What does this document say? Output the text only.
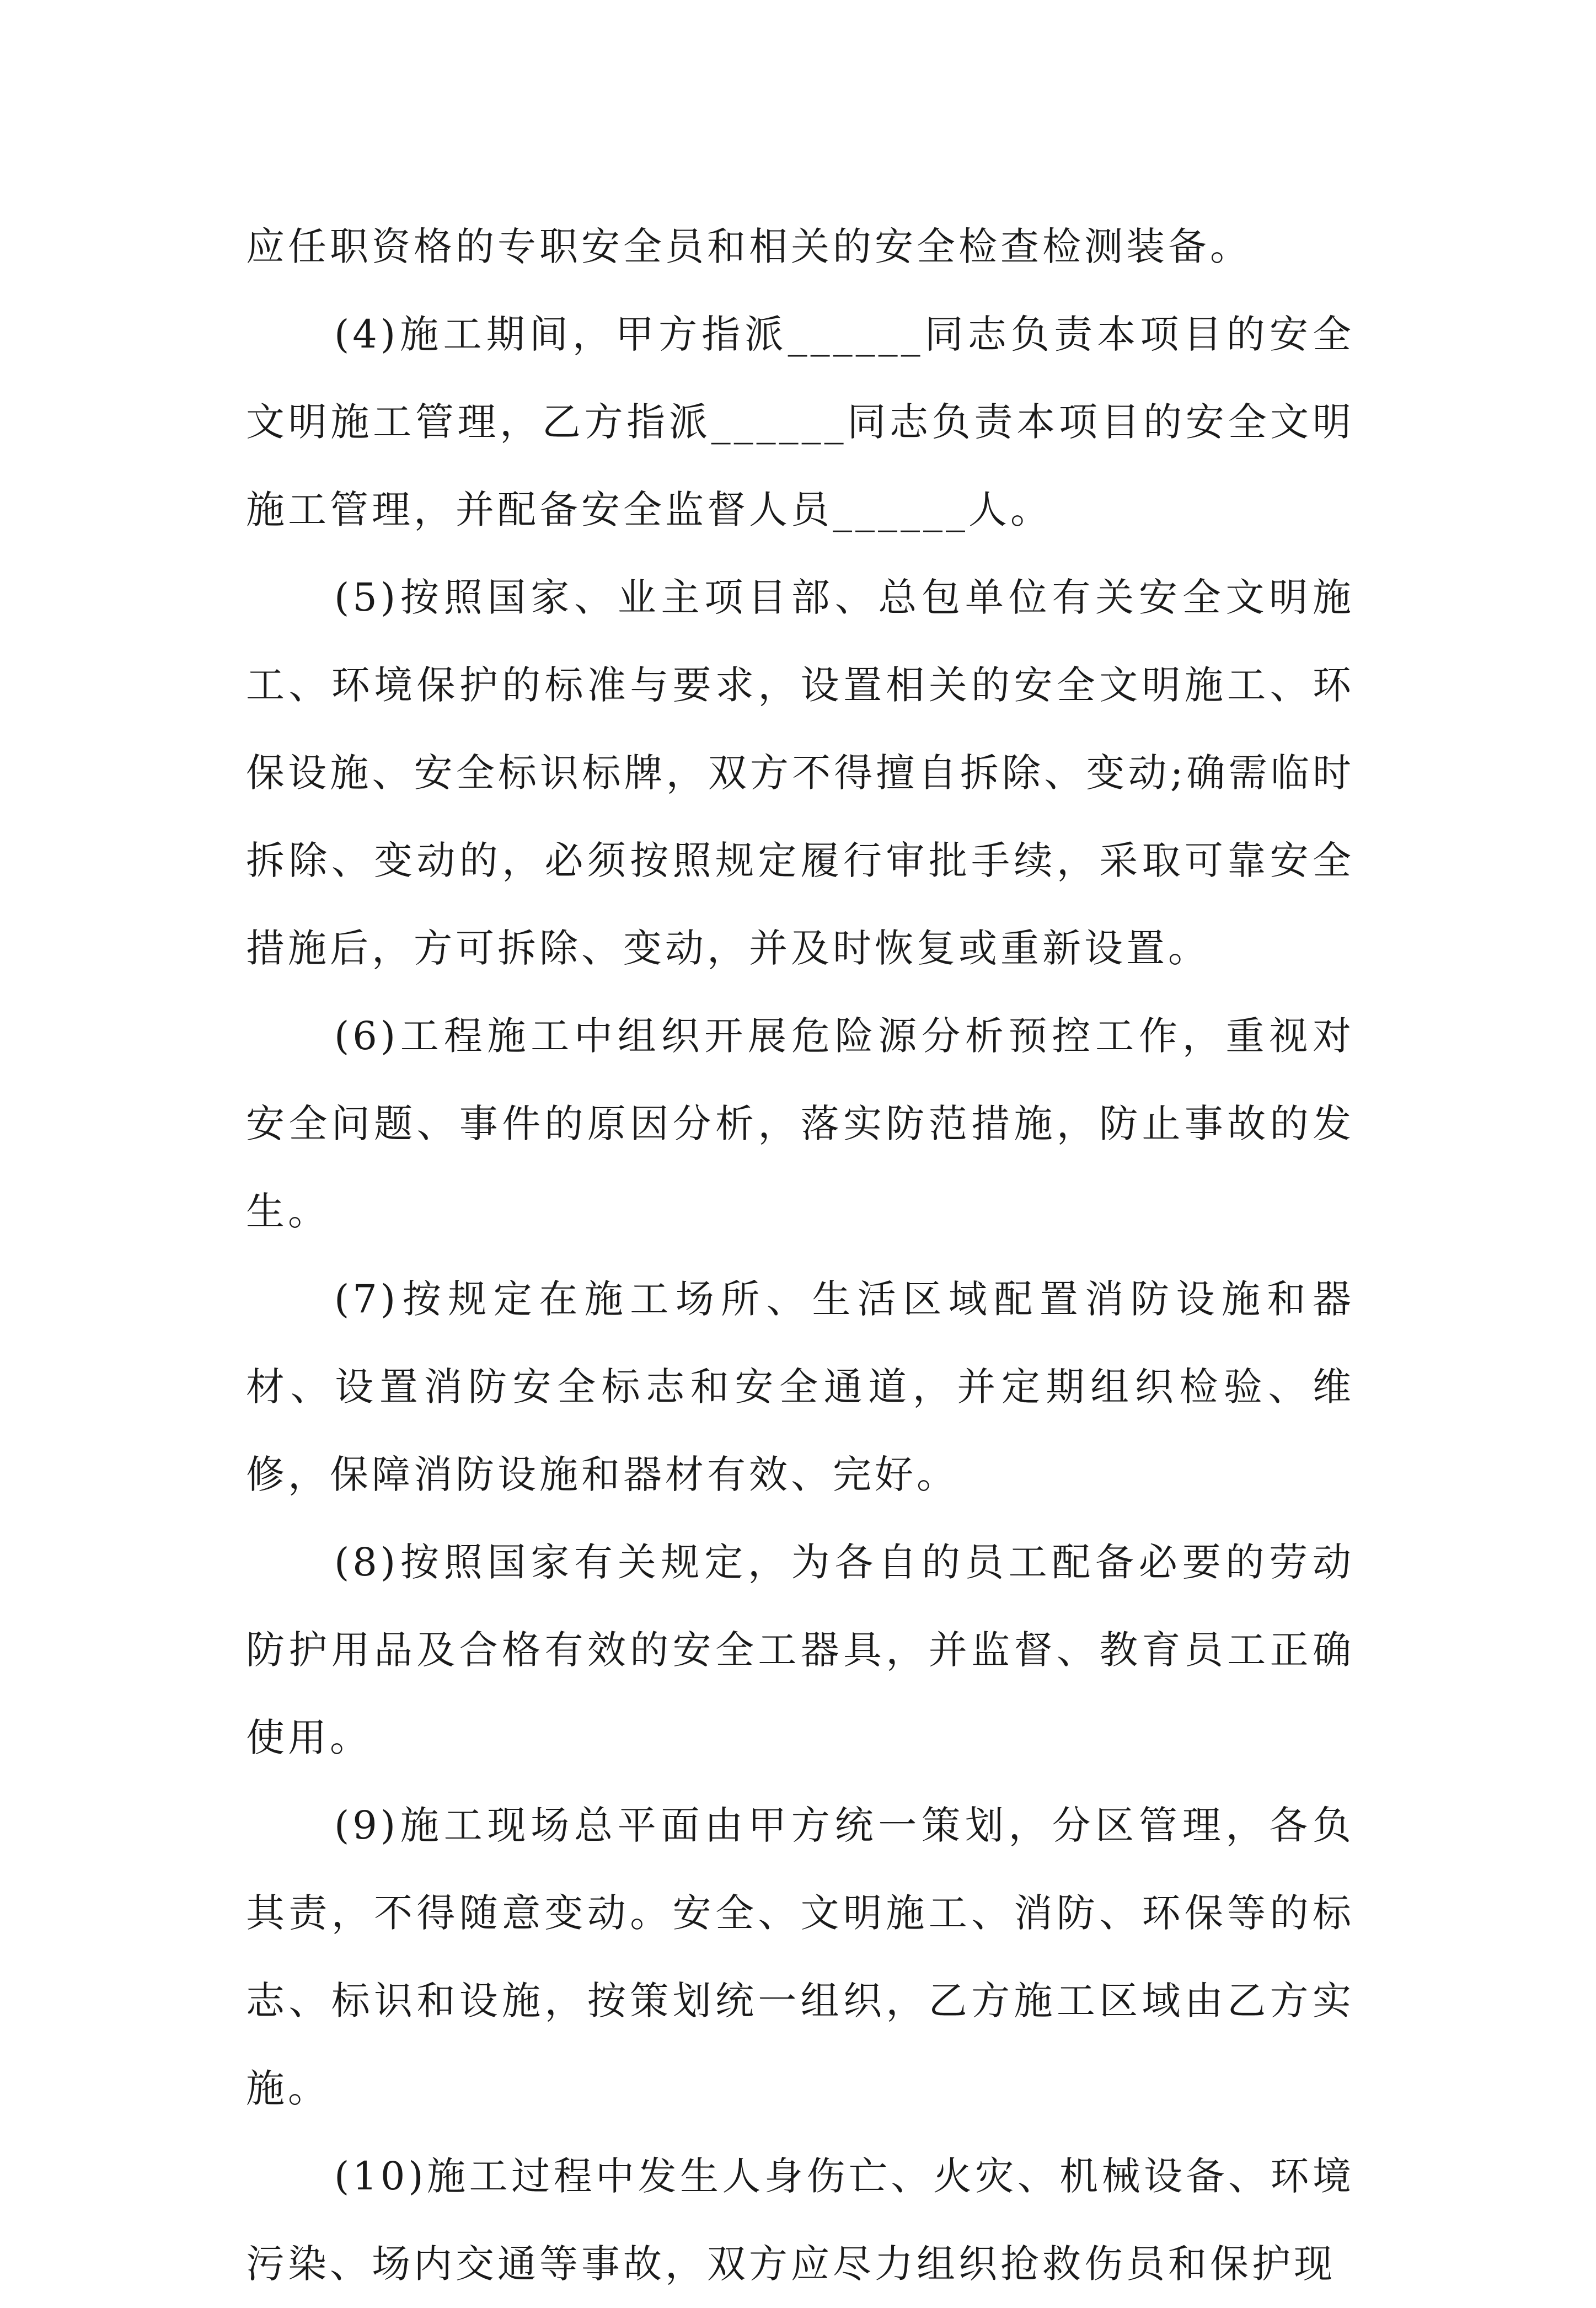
应任职资格的专职安全员和相关的安全检查检测装备。

(4)施工期间，甲方指派______同志负责本项目的安全文明施工管理，乙方指派______同志负责本项目的安全文明施工管理，并配备安全监督人员______人。

(5)按照国家、业主项目部、总包单位有关安全文明施工、环境保护的标准与要求，设置相关的安全文明施工、环保设施、安全标识标牌，双方不得擅自拆除、变动;确需临时拆除、变动的，必须按照规定履行审批手续，采取可靠安全措施后，方可拆除、变动，并及时恢复或重新设置。

(6)工程施工中组织开展危险源分析预控工作，重视对安全问题、事件的原因分析，落实防范措施，防止事故的发生。

(7)按规定在施工场所、生活区域配置消防设施和器材、设置消防安全标志和安全通道，并定期组织检验、维修，保障消防设施和器材有效、完好。

(8)按照国家有关规定，为各自的员工配备必要的劳动防护用品及合格有效的安全工器具，并监督、教育员工正确使用。

(9)施工现场总平面由甲方统一策划，分区管理，各负其责，不得随意变动。安全、文明施工、消防、环保等的标志、标识和设施，按策划统一组织，乙方施工区域由乙方实施。

(10)施工过程中发生人身伤亡、火灾、机械设备、环境污染、场内交通等事故，双方应尽力组织抢救伤员和保护现
